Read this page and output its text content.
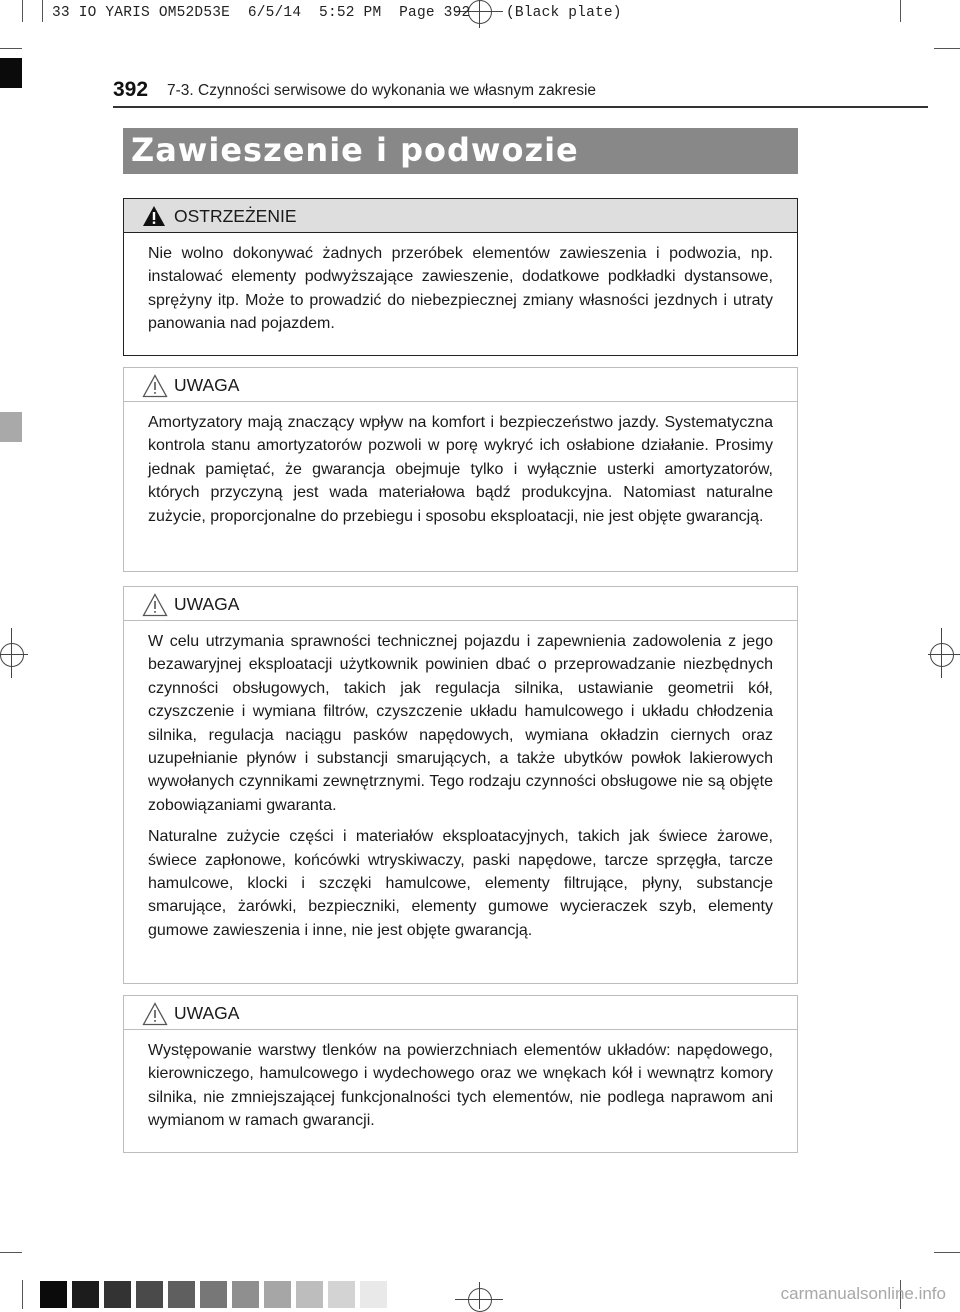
33 IO YARIS OM52D53E  6/5/14  5:52 PM  Page 392    (Black plate)
392 7-3. Czynności serwisowe do wykonania we własnym zakresie
Zawieszenie i podwozie
OSTRZEŻENIE

Nie wolno dokonywać żadnych przeróbek elementów zawieszenia i podwozia, np. instalować elementy podwyższające zawieszenie, dodatkowe podkładki dystansowe, sprężyny itp. Może to prowadzić do niebezpiecznej zmiany własności jezdnych i utraty panowania nad pojazdem.

UWAGA

Amortyzatory mają znaczący wpływ na komfort i bezpieczeństwo jazdy. Systematyczna kontrola stanu amortyzatorów pozwoli w porę wykryć ich osłabione działanie. Prosimy jednak pamiętać, że gwarancja obejmuje tylko i wyłącznie usterki amortyzatorów, których przyczyną jest wada materiałowa bądź produkcyjna. Natomiast naturalne zużycie, proporcjonalne do przebiegu i sposobu eksploatacji, nie jest objęte gwarancją.

UWAGA

W celu utrzymania sprawności technicznej pojazdu i zapewnienia zadowolenia z jego bezawaryjnej eksploatacji użytkownik powinien dbać o przeprowadzanie niezbędnych czynności obsługowych, takich jak regulacja silnika, ustawianie geometrii kół, czyszczenie i wymiana filtrów, czyszczenie układu hamulcowego i układu chłodzenia silnika, regulacja naciągu pasków napędowych, wymiana okładzin ciernych oraz uzupełnianie płynów i substancji smarujących, a także ubytków powłok lakierowych wywołanych czynnikami zewnętrznymi. Tego rodzaju czynności obsługowe nie są objęte zobowiązaniami gwaranta.

Naturalne zużycie części i materiałów eksploatacyjnych, takich jak świece żarowe, świece zapłonowe, końcówki wtryskiwaczy, paski napędowe, tarcze sprzęgła, tarcze hamulcowe, klocki i szczęki hamulcowe, elementy filtrujące, płyny, substancje smarujące, żarówki, bezpieczniki, elementy gumowe wycieraczek szyb, elementy gumowe zawieszenia i inne, nie jest objęte gwarancją.

UWAGA

Występowanie warstwy tlenków na powierzchniach elementów układów: napędowego, kierowniczego, hamulcowego i wydechowego oraz we wnękach kół i wewnątrz komory silnika, nie zmniejszającej funkcjonalności tych elementów, nie podlega naprawom ani wymianom w ramach gwarancji.

carmanualsonline.info
